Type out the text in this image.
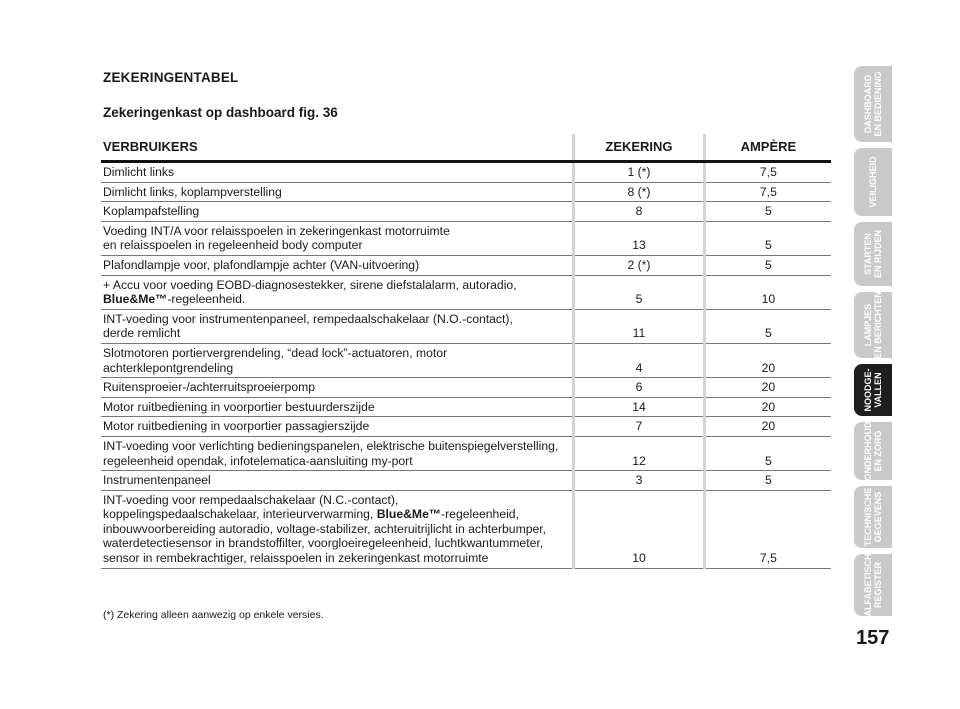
ZEKERINGENTABEL
Zekeringenkast op dashboard fig. 36
VERBRUIKERS	ZEKERING	AMPÈRE

Dimlicht links	1 (*)	7,5

Dimlicht links, koplampverstelling	8 (*)	7,5

Koplampafstelling	8	5

Voeding INT/A voor relaisspoelen in zekeringenkast motorruimte
en relaisspoelen in regeleenheid body computer	13	5

Plafondlampje voor, plafondlampje achter (VAN-uitvoering)	2 (*)	5

+ Accu voor voeding EOBD-diagnosestekker, sirene diefstalalarm, autoradio,
Blue&Me™-regeleenheid.	5	10

INT-voeding voor instrumentenpaneel, rempedaalschakelaar (N.O.-contact),
derde remlicht	11	5

Slotmotoren portiervergrendeling, “dead lock”-actuatoren, motor
achterklepontgrendeling	4	20

Ruitensproeier-/achterruitsproeierpomp	6	20

Motor ruitbediening in voorportier bestuurderszijde	14	20

Motor ruitbediening in voorportier passagierszijde	7	20

INT-voeding voor verlichting bedieningspanelen, elektrische buitenspiegelverstelling,
regeleenheid opendak, infotelematica-aansluiting my-port	12	5

Instrumentenpaneel	3	5

INT-voeding voor rempedaalschakelaar (N.C.-contact),
koppelingspedaalschakelaar, interieurverwarming, Blue&Me™-regeleenheid,
inbouwvoorbereiding autoradio, voltage-stabilizer, achteruitrijlicht in achterbumper,
waterdetectiesensor in brandstoffilter, voorgloeiregeleenheid, luchtkwantummeter,
sensor in rembekrachtiger, relaisspoelen in zekeringenkast motorruimte	10	7,5
(*) Zekering alleen aanwezig op enkele versies.
DASHBOARD
EN BEDIENING
VEILIGHEID
STARTEN
EN RIJDEN
LAMPJES
EN BERICHTEN
NOODGE-
VALLEN
ONDERHOUD
EN ZORG
TECHNISCHE
GEGEVENS
ALFABETISCH
REGISTER
157
